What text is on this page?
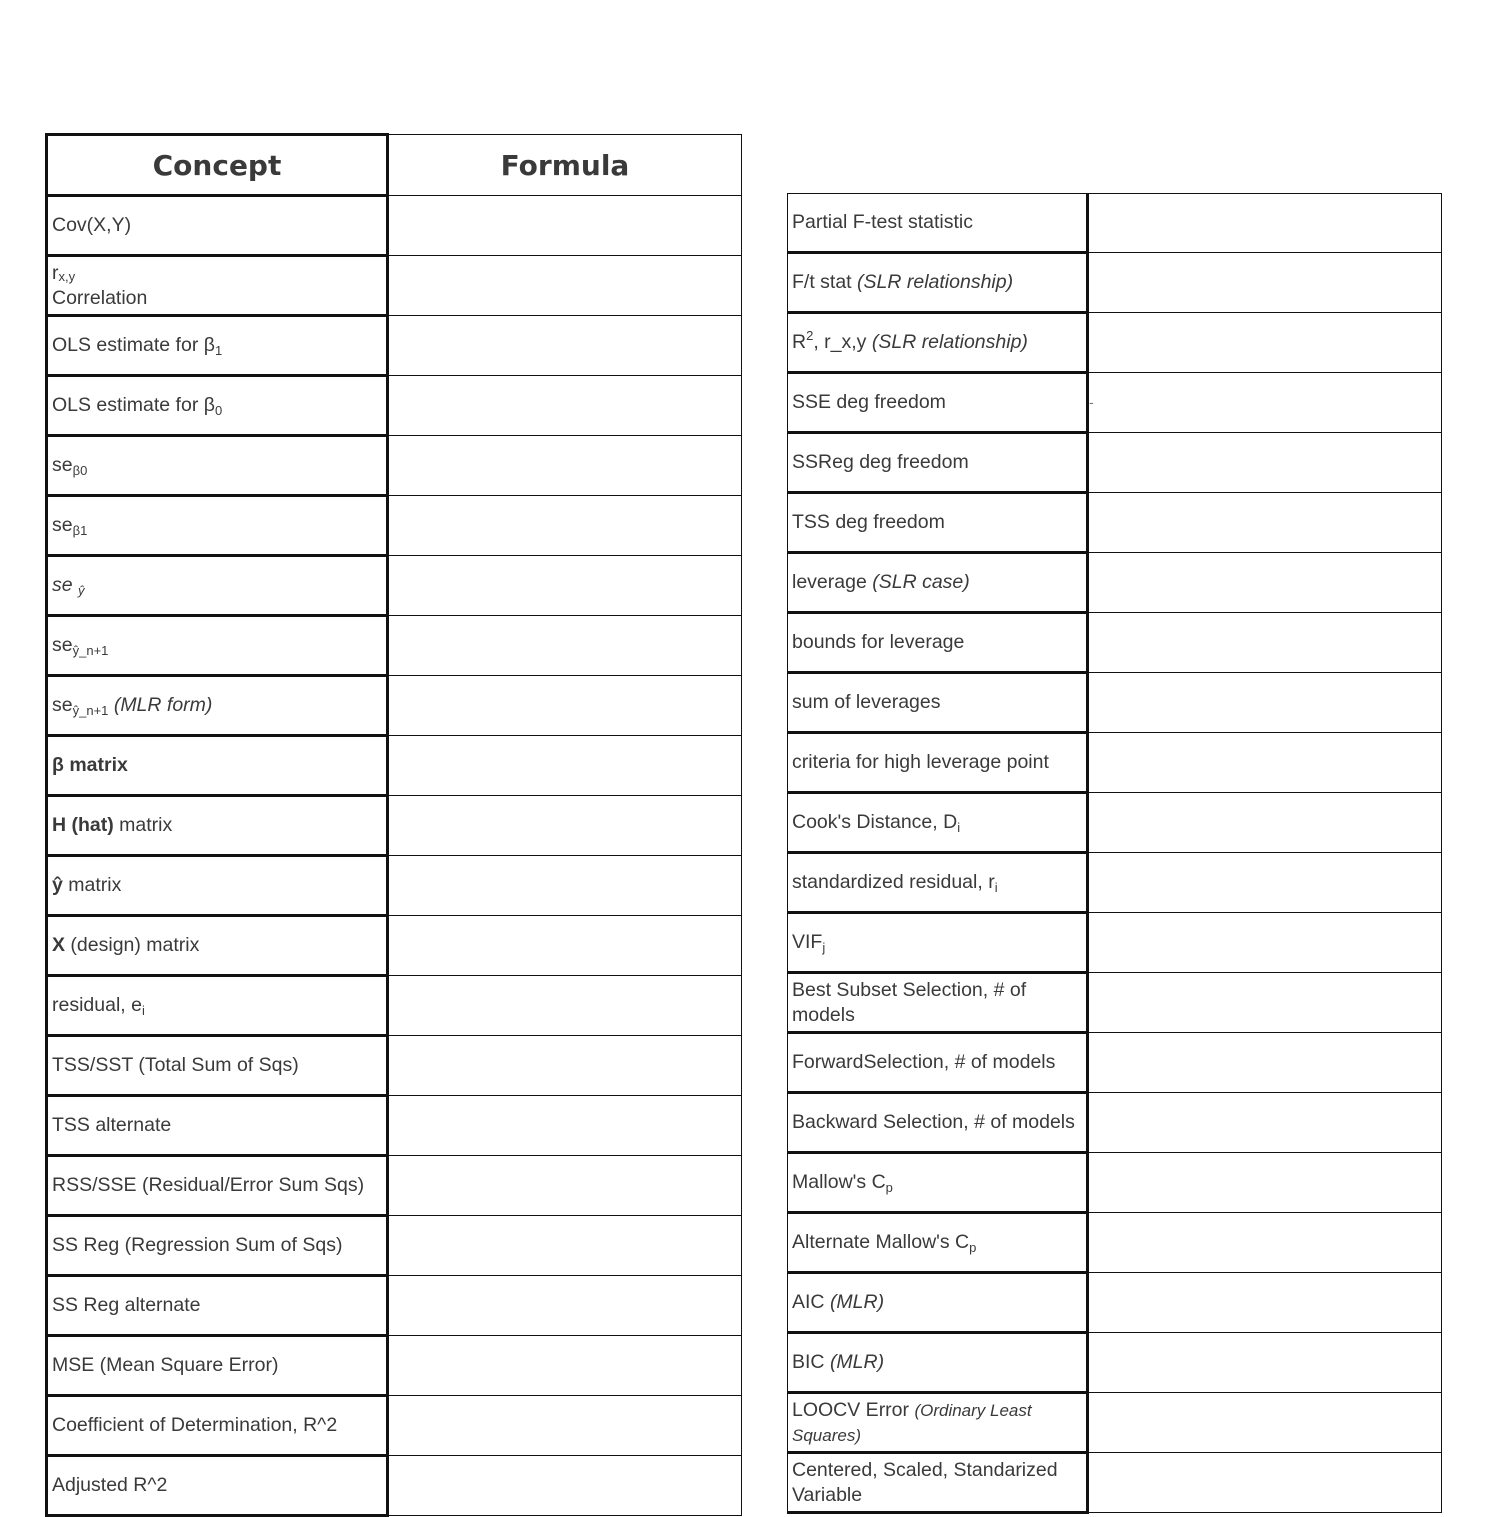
Concept	Formula
Cov(X,Y)	
$r_{x,y}$
Correlation	

OLS estimate for $\beta_1$	
OLS estimate for $\beta_0$	
$se_{\beta 0}$	
$se_{\beta 1}$	
se $_ŷ$	
$se_{ŷ\_n+1}$	
$se_{ŷ\_n+1}$ (MLR form)	
β matrix	
H (hat) matrix	
ŷ matrix	
X (design) matrix	
residual, $e_i$	
TSS/SST (Total Sum of Sqs)	
TSS alternate	
RSS/SSE (Residual/Error Sum Sqs)	
SS Reg (Regression Sum of Sqs)	
SS Reg alternate	
MSE (Mean Square Error)	
Coefficient of Determination, R^2	
Adjusted R^2	
Partial F-test statistic	
F/t stat (SLR relationship)	
$R^2$, r_x,y (SLR relationship)	
SSE deg freedom	-
SSReg deg freedom	
TSS deg freedom	
leverage (SLR case)	
bounds for leverage	
sum of leverages	
criteria for high leverage point	
Cook's Distance, $D_i$	
standardized residual, $r_i$	
$VIF_j$	
Best Subset Selection, # of models	
ForwardSelection, # of models	
Backward Selection, # of models	
Mallow's $C_p$	
Alternate Mallow's $C_p$	
AIC (MLR)	
BIC (MLR)	
LOOCV Error (Ordinary Least Squares)	
Centered, Scaled, Standarized Variable	
